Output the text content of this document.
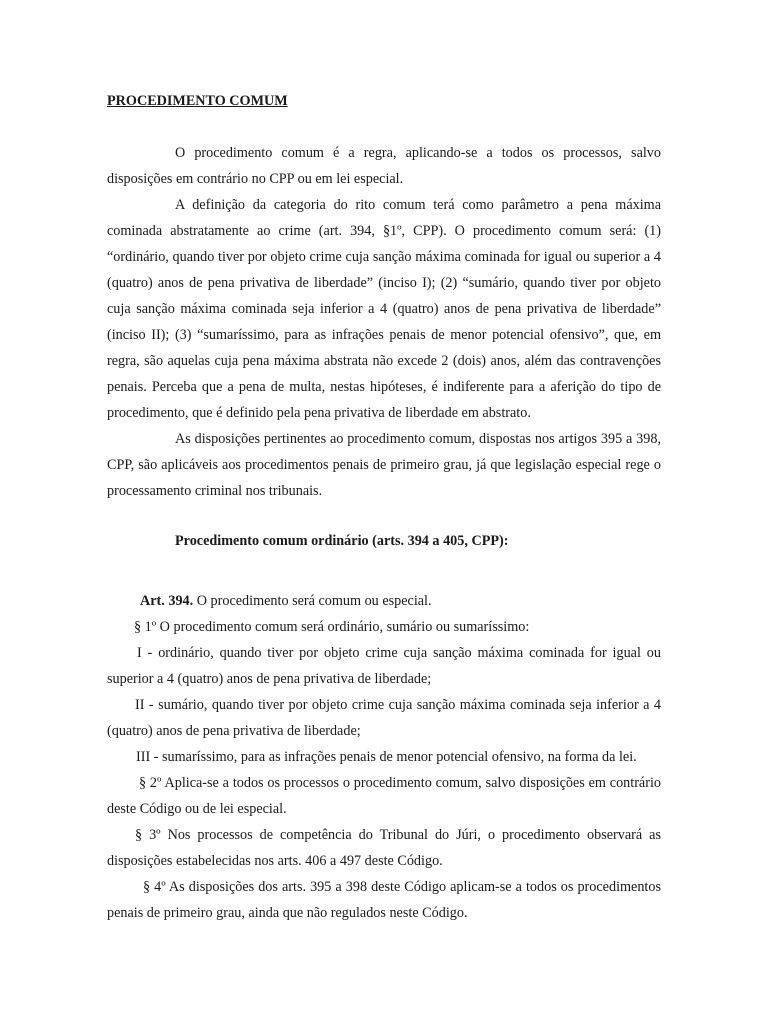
PROCEDIMENTO COMUM

O procedimento comum é a regra, aplicando-se a todos os processos, salvo disposições em contrário no CPP ou em lei especial.

A definição da categoria do rito comum terá como parâmetro a pena máxima cominada abstratamente ao crime (art. 394, §1º, CPP). O procedimento comum será: (1) “ordinário, quando tiver por objeto crime cuja sanção máxima cominada for igual ou superior a 4 (quatro) anos de pena privativa de liberdade” (inciso I); (2) “sumário, quando tiver por objeto cuja sanção máxima cominada seja inferior a 4 (quatro) anos de pena privativa de liberdade” (inciso II); (3) “sumaríssimo, para as infrações penais de menor potencial ofensivo”, que, em regra, são aquelas cuja pena máxima abstrata não excede 2 (dois) anos, além das contravenções penais. Perceba que a pena de multa, nestas hipóteses, é indiferente para a aferição do tipo de procedimento, que é definido pela pena privativa de liberdade em abstrato.

As disposições pertinentes ao procedimento comum, dispostas nos artigos 395 a 398, CPP, são aplicáveis aos procedimentos penais de primeiro grau, já que legislação especial rege o processamento criminal nos tribunais.

Procedimento comum ordinário (arts. 394 a 405, CPP):

Art. 394. O procedimento será comum ou especial.

§ 1º O procedimento comum será ordinário, sumário ou sumaríssimo:

I - ordinário, quando tiver por objeto crime cuja sanção máxima cominada for igual ou superior a 4 (quatro) anos de pena privativa de liberdade;

II - sumário, quando tiver por objeto crime cuja sanção máxima cominada seja inferior a 4 (quatro) anos de pena privativa de liberdade;

III - sumaríssimo, para as infrações penais de menor potencial ofensivo, na forma da lei.

§ 2º Aplica-se a todos os processos o procedimento comum, salvo disposições em contrário deste Código ou de lei especial.

§ 3º Nos processos de competência do Tribunal do Júri, o procedimento observará as disposições estabelecidas nos arts. 406 a 497 deste Código.

§ 4º As disposições dos arts. 395 a 398 deste Código aplicam-se a todos os procedimentos penais de primeiro grau, ainda que não regulados neste Código.
